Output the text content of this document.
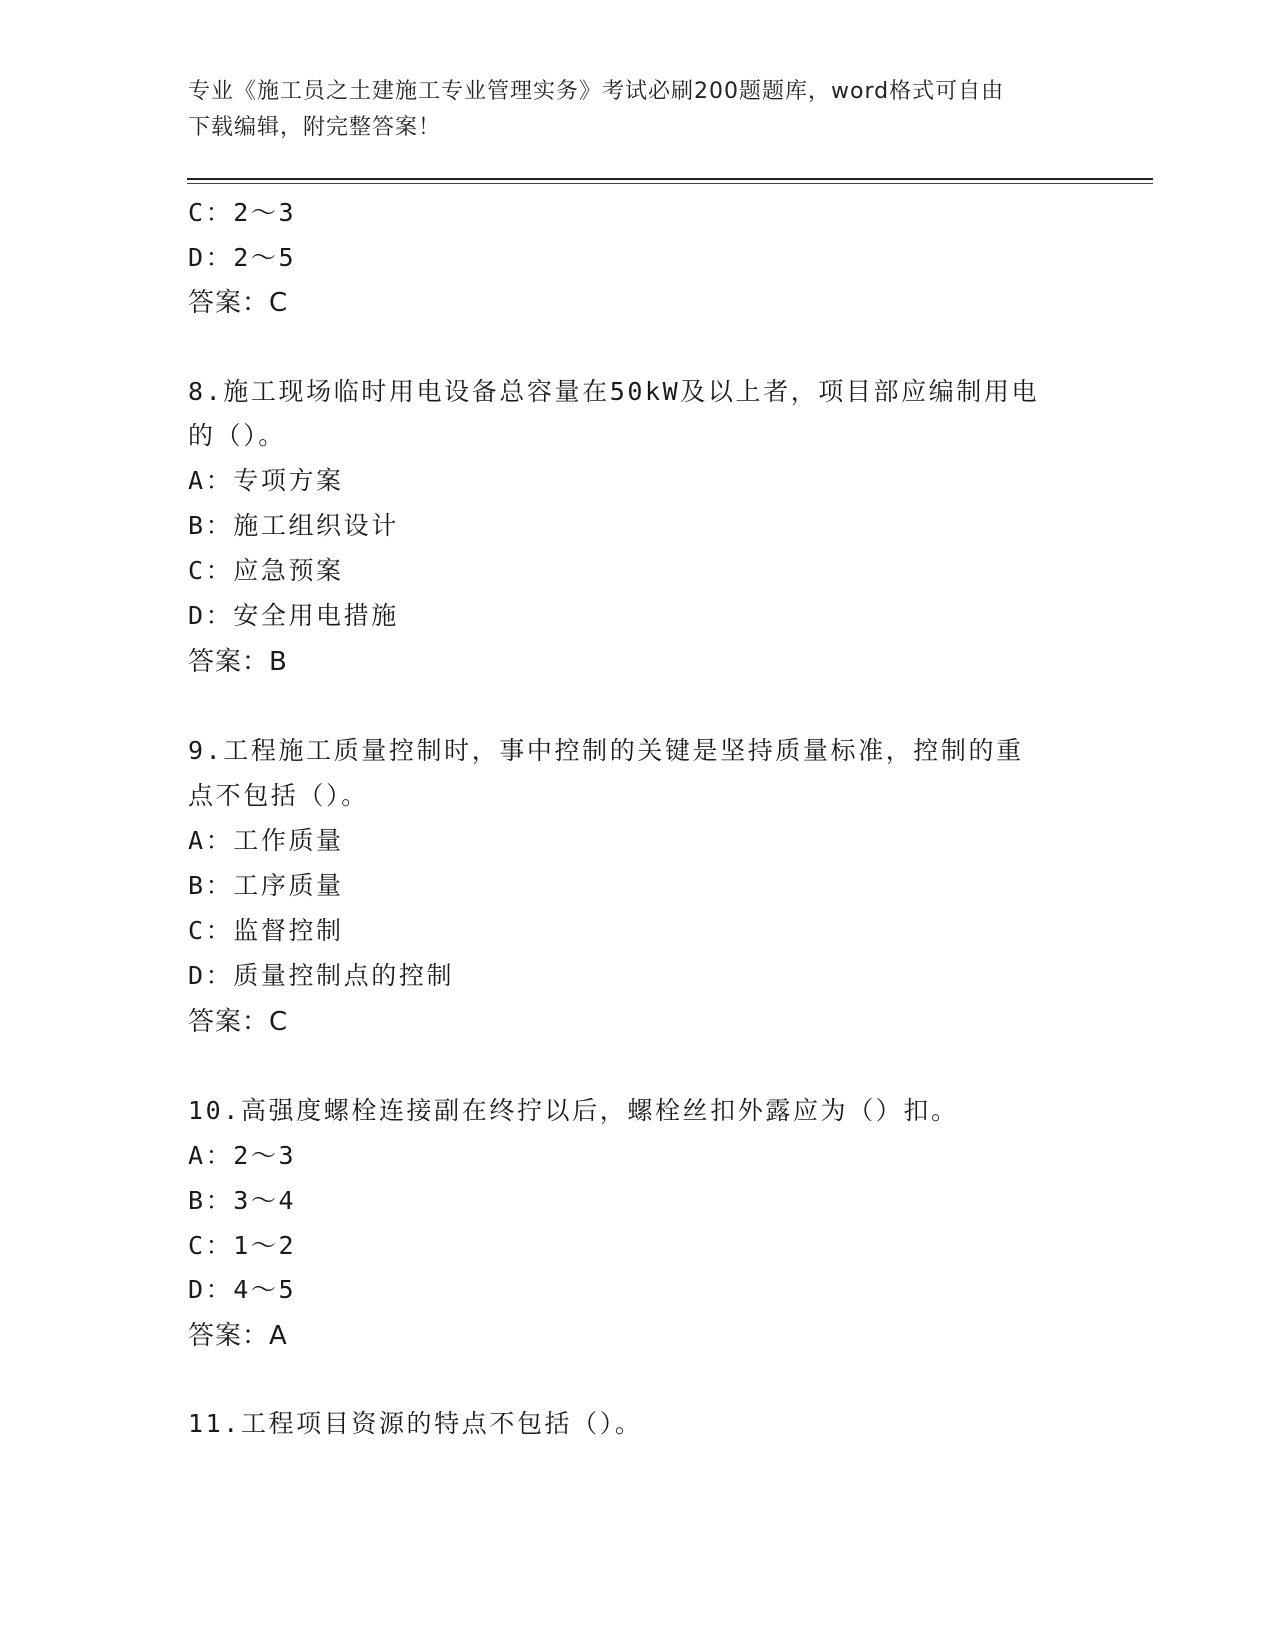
专业《施工员之土建施工专业管理实务》考试必刷200题题库，word格式可自由
下载编辑，附完整答案！
C：2～3
D：2～5
答案：C
8.施工现场临时用电设备总容量在50kW及以上者，项目部应编制用电
的（）。
A：专项方案
B：施工组织设计
C：应急预案
D：安全用电措施
答案：B
9.工程施工质量控制时，事中控制的关键是坚持质量标准，控制的重
点不包括（）。
A：工作质量
B：工序质量
C：监督控制
D：质量控制点的控制
答案：C
10.高强度螺栓连接副在终拧以后，螺栓丝扣外露应为（）扣。
A：2～3
B：3～4
C：1～2
D：4～5
答案：A
11.工程项目资源的特点不包括（）。
